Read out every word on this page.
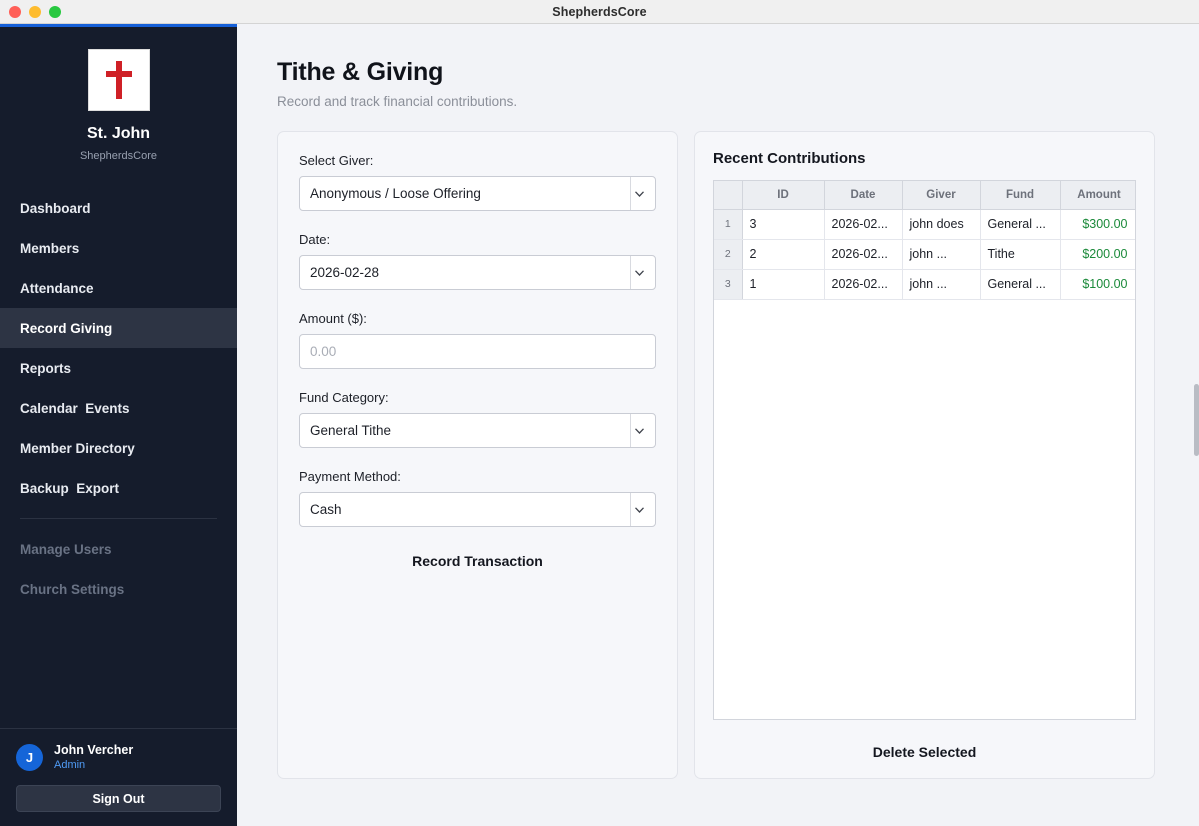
ShepherdsCore
St. John
ShepherdsCore
Dashboard
Members
Attendance
Record Giving
Reports
Calendar  Events
Member Directory
Backup  Export
Manage Users
Church Settings
J	John Vercher
Admin
Sign Out
Tithe & Giving
Record and track financial contributions.
Select Giver:
Anonymous / Loose Offering
Date:
2026-02-28
Amount ($):
0.00
Fund Category:
General Tithe
Payment Method:
Cash
Record Transaction
Recent Contributions
	ID	Date	Giver	Fund	Amount
1	3	2026-02...	john does	General ...	$300.00
2	2	2026-02...	john ...	Tithe	$200.00
3	1	2026-02...	john ...	General ...	$100.00
Delete Selected
